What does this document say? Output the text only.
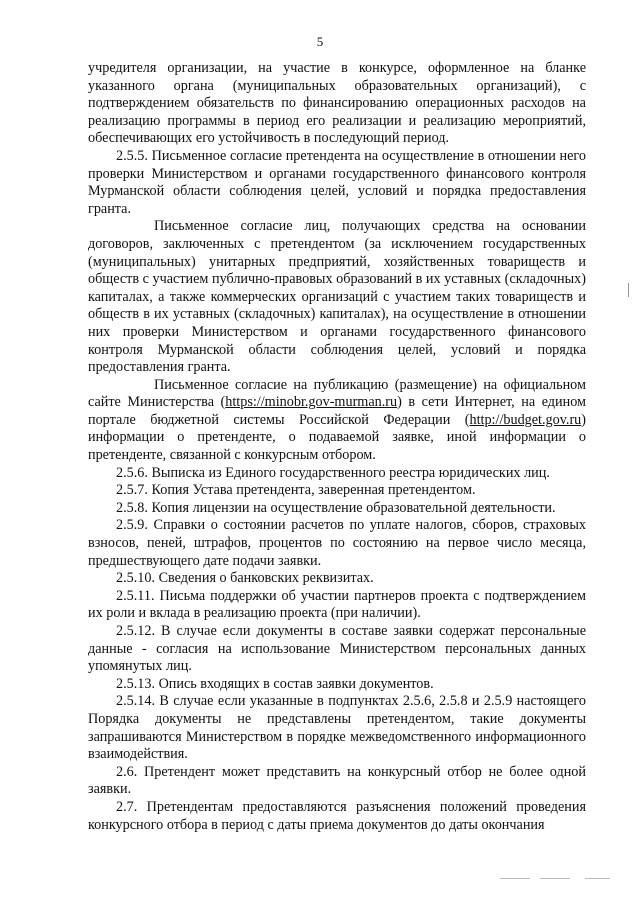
5

учредителя организации, на участие в конкурсе, оформленное на бланке указанного органа (муниципальных образовательных организаций), с подтверждением обязательств по финансированию операционных расходов на реализацию программы в период его реализации и реализацию мероприятий, обеспечивающих его устойчивость в последующий период.

2.5.5. Письменное согласие претендента на осуществление в отношении него проверки Министерством и органами государственного финансового контроля Мурманской области соблюдения целей, условий и порядка предоставления гранта.

Письменное согласие лиц, получающих средства на основании договоров, заключенных с претендентом (за исключением государственных (муниципальных) унитарных предприятий, хозяйственных товариществ и обществ с участием публично-правовых образований в их уставных (складочных) капиталах, а также коммерческих организаций с участием таких товариществ и обществ в их уставных (складочных) капиталах), на осуществление в отношении них проверки Министерством и органами государственного финансового контроля Мурманской области соблюдения целей, условий и порядка предоставления гранта.

Письменное согласие на публикацию (размещение) на официальном сайте Министерства (https://minobr.gov-murman.ru) в сети Интернет, на едином портале бюджетной системы Российской Федерации (http://budget.gov.ru) информации о претенденте, о подаваемой заявке, иной информации о претенденте, связанной с конкурсным отбором.

2.5.6. Выписка из Единого государственного реестра юридических лиц.

2.5.7. Копия Устава претендента, заверенная претендентом.

2.5.8. Копия лицензии на осуществление образовательной деятельности.

2.5.9. Справки о состоянии расчетов по уплате налогов, сборов, страховых взносов, пеней, штрафов, процентов по состоянию на первое число месяца, предшествующего дате подачи заявки.

2.5.10. Сведения о банковских реквизитах.

2.5.11. Письма поддержки об участии партнеров проекта с подтверждением их роли и вклада в реализацию проекта (при наличии).

2.5.12. В случае если документы в составе заявки содержат персональные данные - согласия на использование Министерством персональных данных упомянутых лиц.

2.5.13. Опись входящих в состав заявки документов.

2.5.14. В случае если указанные в подпунктах 2.5.6, 2.5.8 и 2.5.9 настоящего Порядка документы не представлены претендентом, такие документы запрашиваются Министерством в порядке межведомственного информационного взаимодействия.

2.6. Претендент может представить на конкурсный отбор не более одной заявки.

2.7. Претендентам предоставляются разъяснения положений проведения конкурсного отбора в период с даты приема документов до даты окончания
